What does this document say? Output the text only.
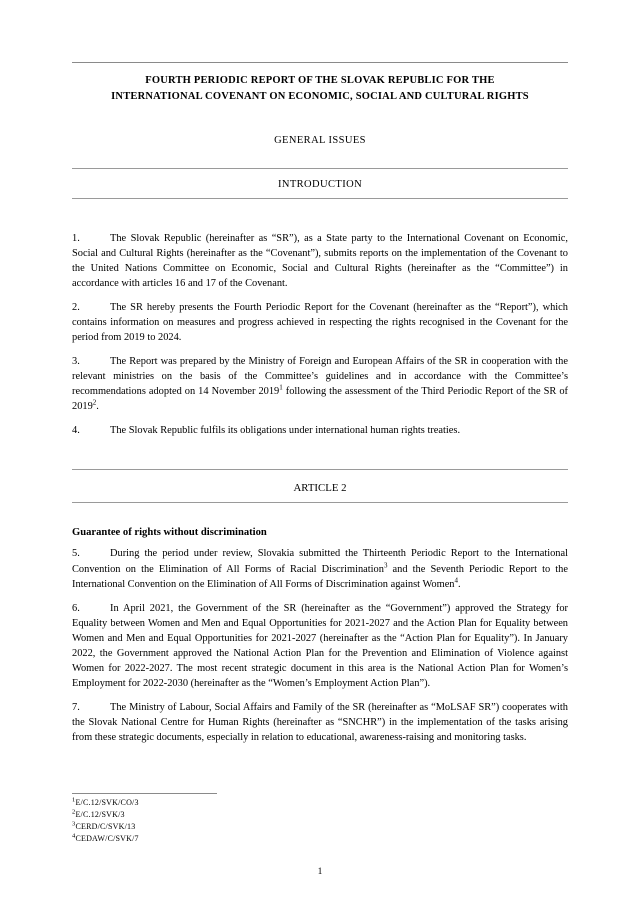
FOURTH PERIODIC REPORT OF THE SLOVAK REPUBLIC FOR THE
INTERNATIONAL COVENANT ON ECONOMIC, SOCIAL AND CULTURAL RIGHTS

GENERAL ISSUES

INTRODUCTION

1.	The Slovak Republic (hereinafter as “SR”), as a State party to the International Covenant on Economic, Social and Cultural Rights (hereinafter as the “Covenant”), submits reports on the implementation of the Covenant to the United Nations Committee on Economic, Social and Cultural Rights (hereinafter as the “Committee”) in accordance with articles 16 and 17 of the Covenant.

2.	The SR hereby presents the Fourth Periodic Report for the Covenant (hereinafter as the “Report”), which contains information on measures and progress achieved in respecting the rights recognised in the Covenant for the period from 2019 to 2024.

3.	The Report was prepared by the Ministry of Foreign and European Affairs of the SR in cooperation with the relevant ministries on the basis of the Committee’s guidelines and in accordance with the Committee’s recommendations adopted on 14 November 2019$^1$ following the assessment of the Third Periodic Report of the SR of 2019$^2$.

4.	The Slovak Republic fulfils its obligations under international human rights treaties.

ARTICLE 2

Guarantee of rights without discrimination

5.	During the period under review, Slovakia submitted the Thirteenth Periodic Report to the International Convention on the Elimination of All Forms of Racial Discrimination$^3$ and the Seventh Periodic Report to the International Convention on the Elimination of All Forms of Discrimination against Women$^4$.

6.	In April 2021, the Government of the SR (hereinafter as the “Government”) approved the Strategy for Equality between Women and Men and Equal Opportunities for 2021-2027 and the Action Plan for Equality between Women and Men and Equal Opportunities for 2021-2027 (hereinafter as the “Action Plan for Equality”). In January 2022, the Government approved the National Action Plan for the Prevention and Elimination of Violence against Women for 2022-2027. The most recent strategic document in this area is the National Action Plan for Women’s Employment for 2022-2030 (hereinafter as the “Women’s Employment Action Plan”).

7.	The Ministry of Labour, Social Affairs and Family of the SR (hereinafter as “MoLSAF SR”) cooperates with the Slovak National Centre for Human Rights (hereinafter as “SNCHR”) in the implementation of the tasks arising from these strategic documents, especially in relation to educational, awareness-raising and monitoring tasks.

$^1$E/C.12/SVK/CO/3

$^2$E/C.12/SVK/3

$^3$CERD/C/SVK/13

$^4$CEDAW/C/SVK/7

1
